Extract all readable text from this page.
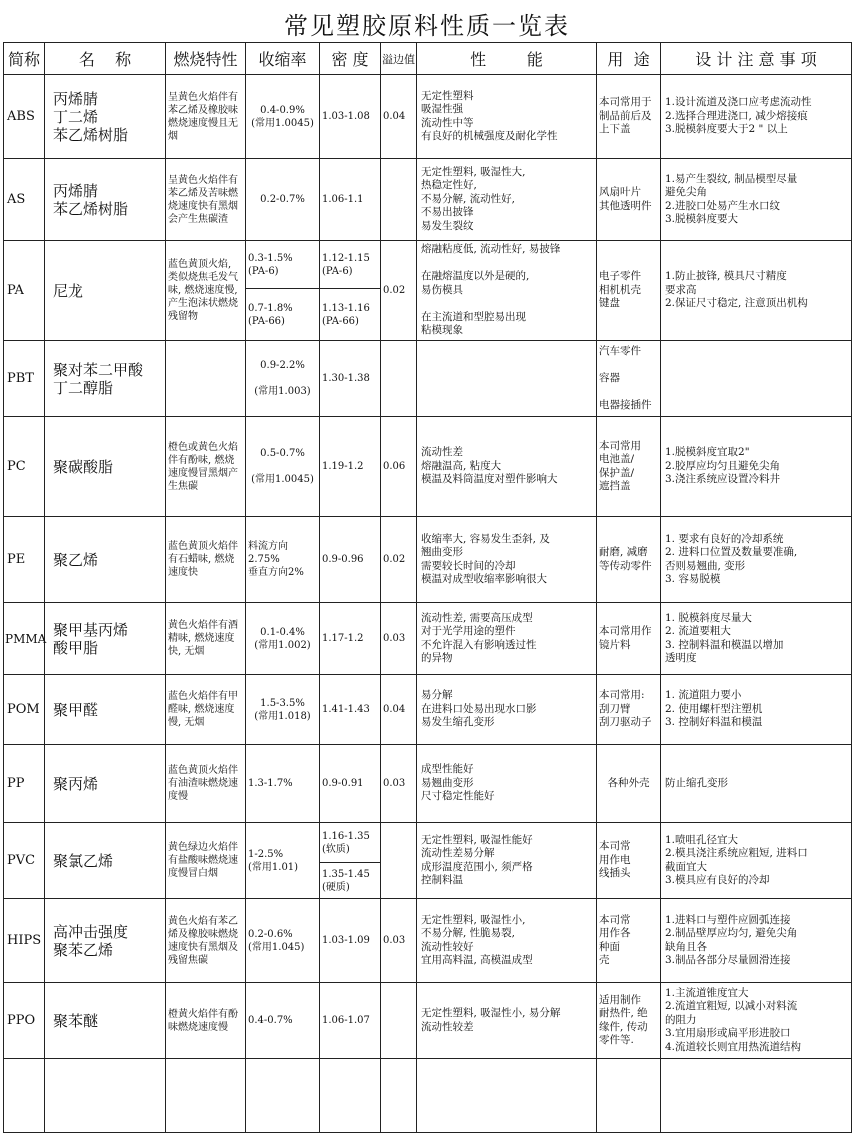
常见塑胶原料性质一览表
简称	名    称	燃烧特性	收缩率	密 度	溢边值	性        能	用  途	设 计 注 意 事 项
ABS	丙烯腈
丁二烯
苯乙烯树脂	呈黄色火焰伴有苯乙烯及橡胶味燃烧速度慢且无烟	0.4-0.9%
(常用1.0045)	1.03-1.08	0.04	无定性塑料
吸湿性强
流动性中等
有良好的机械强度及耐化学性	本司常用于制品前后及上下盖	1.设计流道及浇口应考虑流动性
2.选择合理进浇口, 减少熔接痕
3.脱模斜度要大于2 " 以上
AS	丙烯腈
苯乙烯树脂	呈黄色火焰伴有苯乙烯及苦味燃烧速度快有黑烟会产生焦碳渣	0.2-0.7%	1.06-1.1		无定性塑料, 吸湿性大,
热稳定性好,
不易分解, 流动性好,
不易出披锋
易发生裂纹	风扇叶片
其他透明件	1.易产生裂纹, 制品模型尽量
避免尖角
2.进胶口处易产生水口纹
3.脱模斜度要大
PA	尼龙	蓝色黄顶火焰, 类似烧焦毛发气味, 燃烧速度慢, 产生泡沫状燃烧残留物	0.3-1.5%
(PA-6)	1.12-1.15
(PA-6)	0.02	熔融粘度低, 流动性好, 易披锋

在融熔温度以外是硬的,
易伤模具

在主流道和型腔易出现
粘模现象	电子零件
相机机壳
键盘	1.防止披锋, 模具尺寸精度
要求高
2.保证尺寸稳定, 注意顶出机构
			0.7-1.8%
(PA-66)	1.13-1.16
(PA-66)				
PBT	聚对苯二甲酸
丁二醇脂		0.9-2.2%

(常用1.003)	1.30-1.38			汽车零件

容器

电器接插件	
PC	聚碳酸脂	橙色或黄色火焰伴有酚味, 燃烧速度慢冒黑烟产生焦碳	0.5-0.7%

(常用1.0045)	1.19-1.2	0.06	流动性差
熔融温高, 粘度大
模温及料筒温度对塑件影响大	本司常用
电池盖/
保护盖/
遮挡盖	1.脱模斜度宜取2"
2.胶厚应均匀且避免尖角
3.浇注系统应设置冷料井
PE	聚乙烯	蓝色黄顶火焰伴有石蜡味, 燃烧速度快	料流方向
2.75%
垂直方向2%	0.9-0.96	0.02	收缩率大, 容易发生歪斜, 及
翘曲变形
需要较长时间的冷却
模温对成型收缩率影响很大	耐磨, 减磨
等传动零件	1. 要求有良好的冷却系统
2. 进料口位置及数量要准确,
否则易翘曲, 变形
3. 容易脱模
PMMA	聚甲基丙烯
酸甲脂	黄色火焰伴有酒精味, 燃烧速度快, 无烟	0.1-0.4%
(常用1.002)	1.17-1.2	0.03	流动性差, 需要高压成型
对于光学用途的塑件
不允许混入有影响透过性
的异物	本司常用作
镜片料	1. 脱模斜度尽量大
2. 流道要粗大
3. 控制料温和模温以增加
透明度
POM	聚甲醛	蓝色火焰伴有甲醛味, 燃烧速度慢, 无烟	1.5-3.5%
(常用1.018)	1.41-1.43	0.04	易分解
在进料口处易出现水口影
易发生缩孔变形	本司常用:
刮刀臂
刮刀驱动子	1. 流道阻力要小
2. 使用螺杆型注塑机
3. 控制好料温和模温
PP	聚丙烯	蓝色黄顶火焰伴有油渣味燃烧速度慢	1.3-1.7%	0.9-0.91	0.03	成型性能好
易翘曲变形
尺寸稳定性能好	各种外壳	防止缩孔变形
PVC	聚氯乙烯	黄色绿边火焰伴有盐酸味燃烧速度慢冒白烟	1-2.5%
(常用1.01)	1.16-1.35
(软质)		无定性塑料, 吸湿性能好
流动性差易分解
成形温度范围小, 须严格
控制料温	本司常
用作电
线插头	1.喷咀孔径宜大
2.模具浇注系统应粗短, 进料口
截面宜大
3.模具应有良好的冷却
				1.35-1.45
(硬质)				
HIPS	高冲击强度
聚苯乙烯	黄色火焰有苯乙烯及橡胶味燃烧速度快有黑烟及残留焦碳	0.2-0.6%
(常用1.045)	1.03-1.09	0.03	无定性塑料, 吸湿性小,
不易分解, 性脆易裂,
流动性较好
宜用高料温, 高模温成型	本司常
用作各
种面
壳	1.进料口与塑件应圆弧连接
2.制品壁厚应均匀, 避免尖角
缺角且各
3.制品各部分尽量圆滑连接
PPO	聚苯醚	橙黄火焰伴有酚味燃烧速度慢	0.4-0.7%	1.06-1.07		无定性塑料, 吸湿性小, 易分解
流动性较差	适用制作
耐热件, 绝
缘件, 传动
零件等.	1.主流道锥度宜大
2.流道宜粗短, 以减小对料流
的阻力
3.宜用扇形或扁平形进胶口
4.流道较长则宜用热流道结构
